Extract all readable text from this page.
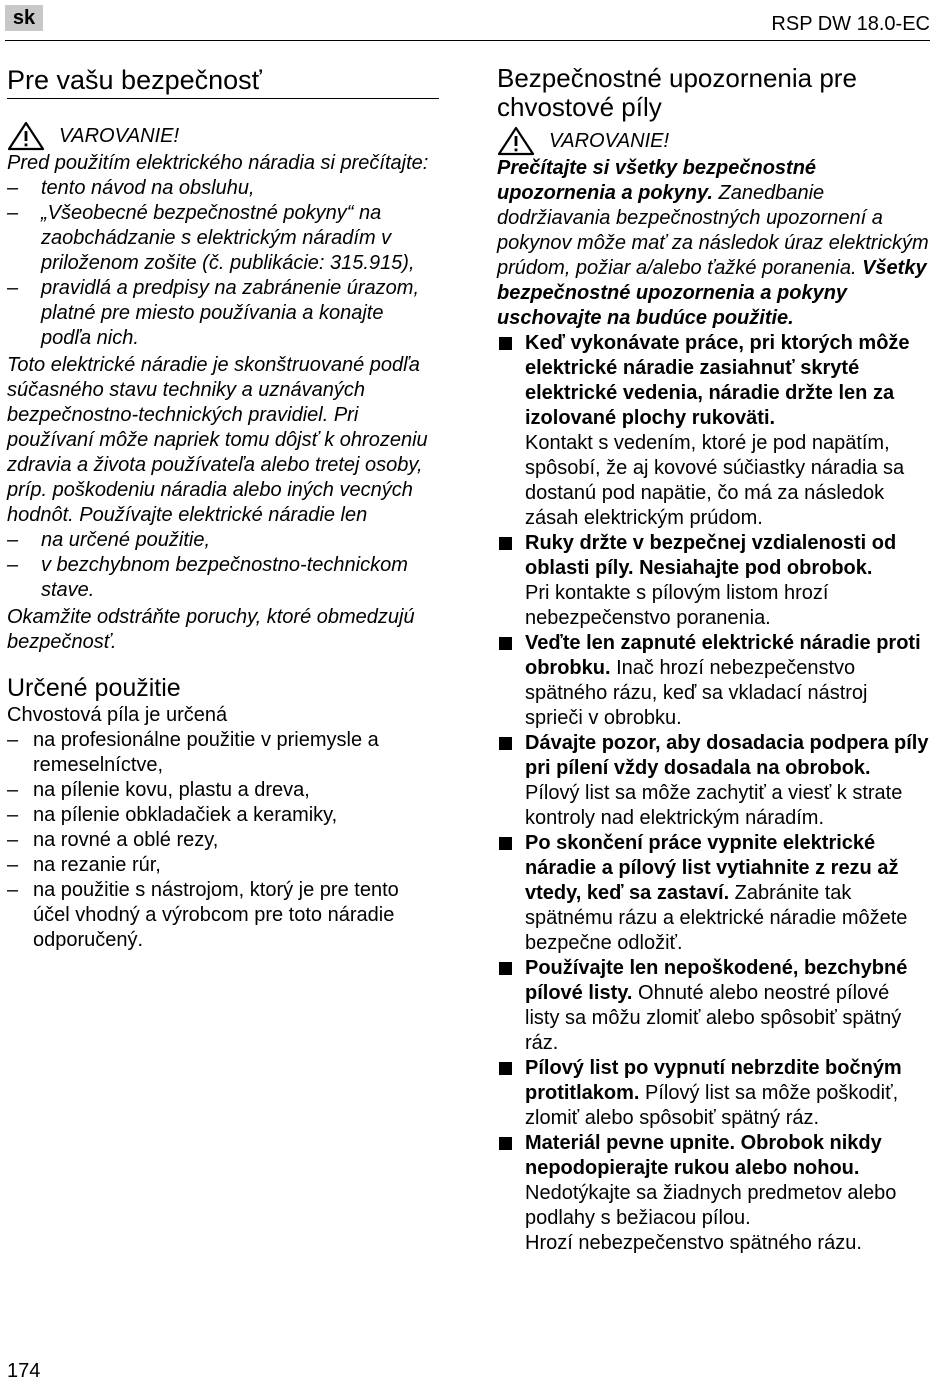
sk	RSP DW 18.0-EC
Pre vašu bezpečnosť
VAROVANIE!

Pred použitím elektrického náradia si prečítajte:

– tento návod na obsluhu,
– „Všeobecné bezpečnostné pokyny“ na zaobchádzanie s elektrickým náradím v priloženom zošite (č. publikácie: 315.915),
– pravidlá a predpisy na zabránenie úrazom, platné pre miesto používania a konajte podľa nich.

Toto elektrické náradie je skonštruované podľa súčasného stavu techniky a uznávaných bezpečnostno-technických pravidiel. Pri používaní môže napriek tomu dôjsť k ohrozeniu zdravia a života používateľa alebo tretej osoby, príp. poškodeniu náradia alebo iných vecných hodnôt. Používajte elektrické náradie len

– na určené použitie,
– v bezchybnom bezpečnostno-technickom stave.

Okamžite odstráňte poruchy, ktoré obmedzujú bezpečnosť.

Určené použitie

Chvostová píla je určená

– na profesionálne použitie v priemysle a remeselníctve,
– na pílenie kovu, plastu a dreva,
– na pílenie obkladačiek a keramiky,
– na rovné a oblé rezy,
– na rezanie rúr,
– na použitie s nástrojom, ktorý je pre tento účel vhodný a výrobcom pre toto náradie odporučený.
Bezpečnostné upozornenia pre chvostové píly
VAROVANIE!

Prečítajte si všetky bezpečnostné upozornenia a pokyny. Zanedbanie dodržiavania bezpečnostných upozornení a pokynov môže mať za následok úraz elektrickým prúdom, požiar a/alebo ťažké poranenia. Všetky bezpečnostné upozornenia a pokyny uschovajte na budúce použitie.

Keď vykonávate práce, pri ktorých môže elektrické náradie zasiahnuť skryté elektrické vedenia, náradie držte len za izolované plochy rukoväti.
Kontakt s vedením, ktoré je pod napätím, spôsobí, že aj kovové súčiastky náradia sa dostanú pod napätie, čo má za následok zásah elektrickým prúdom.
Ruky držte v bezpečnej vzdialenosti od oblasti píly. Nesiahajte pod obrobok.
Pri kontakte s pílovým listom hrozí nebezpečenstvo poranenia.
Veďte len zapnuté elektrické náradie proti obrobku. Inač hrozí nebezpečenstvo spätného rázu, keď sa vkladací nástroj sprieči v obrobku.
Dávajte pozor, aby dosadacia podpera píly pri pílení vždy dosadala na obrobok.
Pílový list sa môže zachytiť a viesť k strate kontroly nad elektrickým náradím.
Po skončení práce vypnite elektrické náradie a pílový list vytiahnite z rezu až vtedy, keď sa zastaví. Zabránite tak spätnému rázu a elektrické náradie môžete bezpečne odložiť.
Používajte len nepoškodené, bezchybné pílové listy. Ohnuté alebo neostré pílové listy sa môžu zlomiť alebo spôsobiť spätný ráz.
Pílový list po vypnutí nebrzdite bočným protitlakom. Pílový list sa môže poškodiť, zlomiť alebo spôsobiť spätný ráz.
Materiál pevne upnite. Obrobok nikdy nepodopierajte rukou alebo nohou.
Nedotýkajte sa žiadnych predmetov alebo podlahy s bežiacou pílou.
Hrozí nebezpečenstvo spätného rázu.
174
